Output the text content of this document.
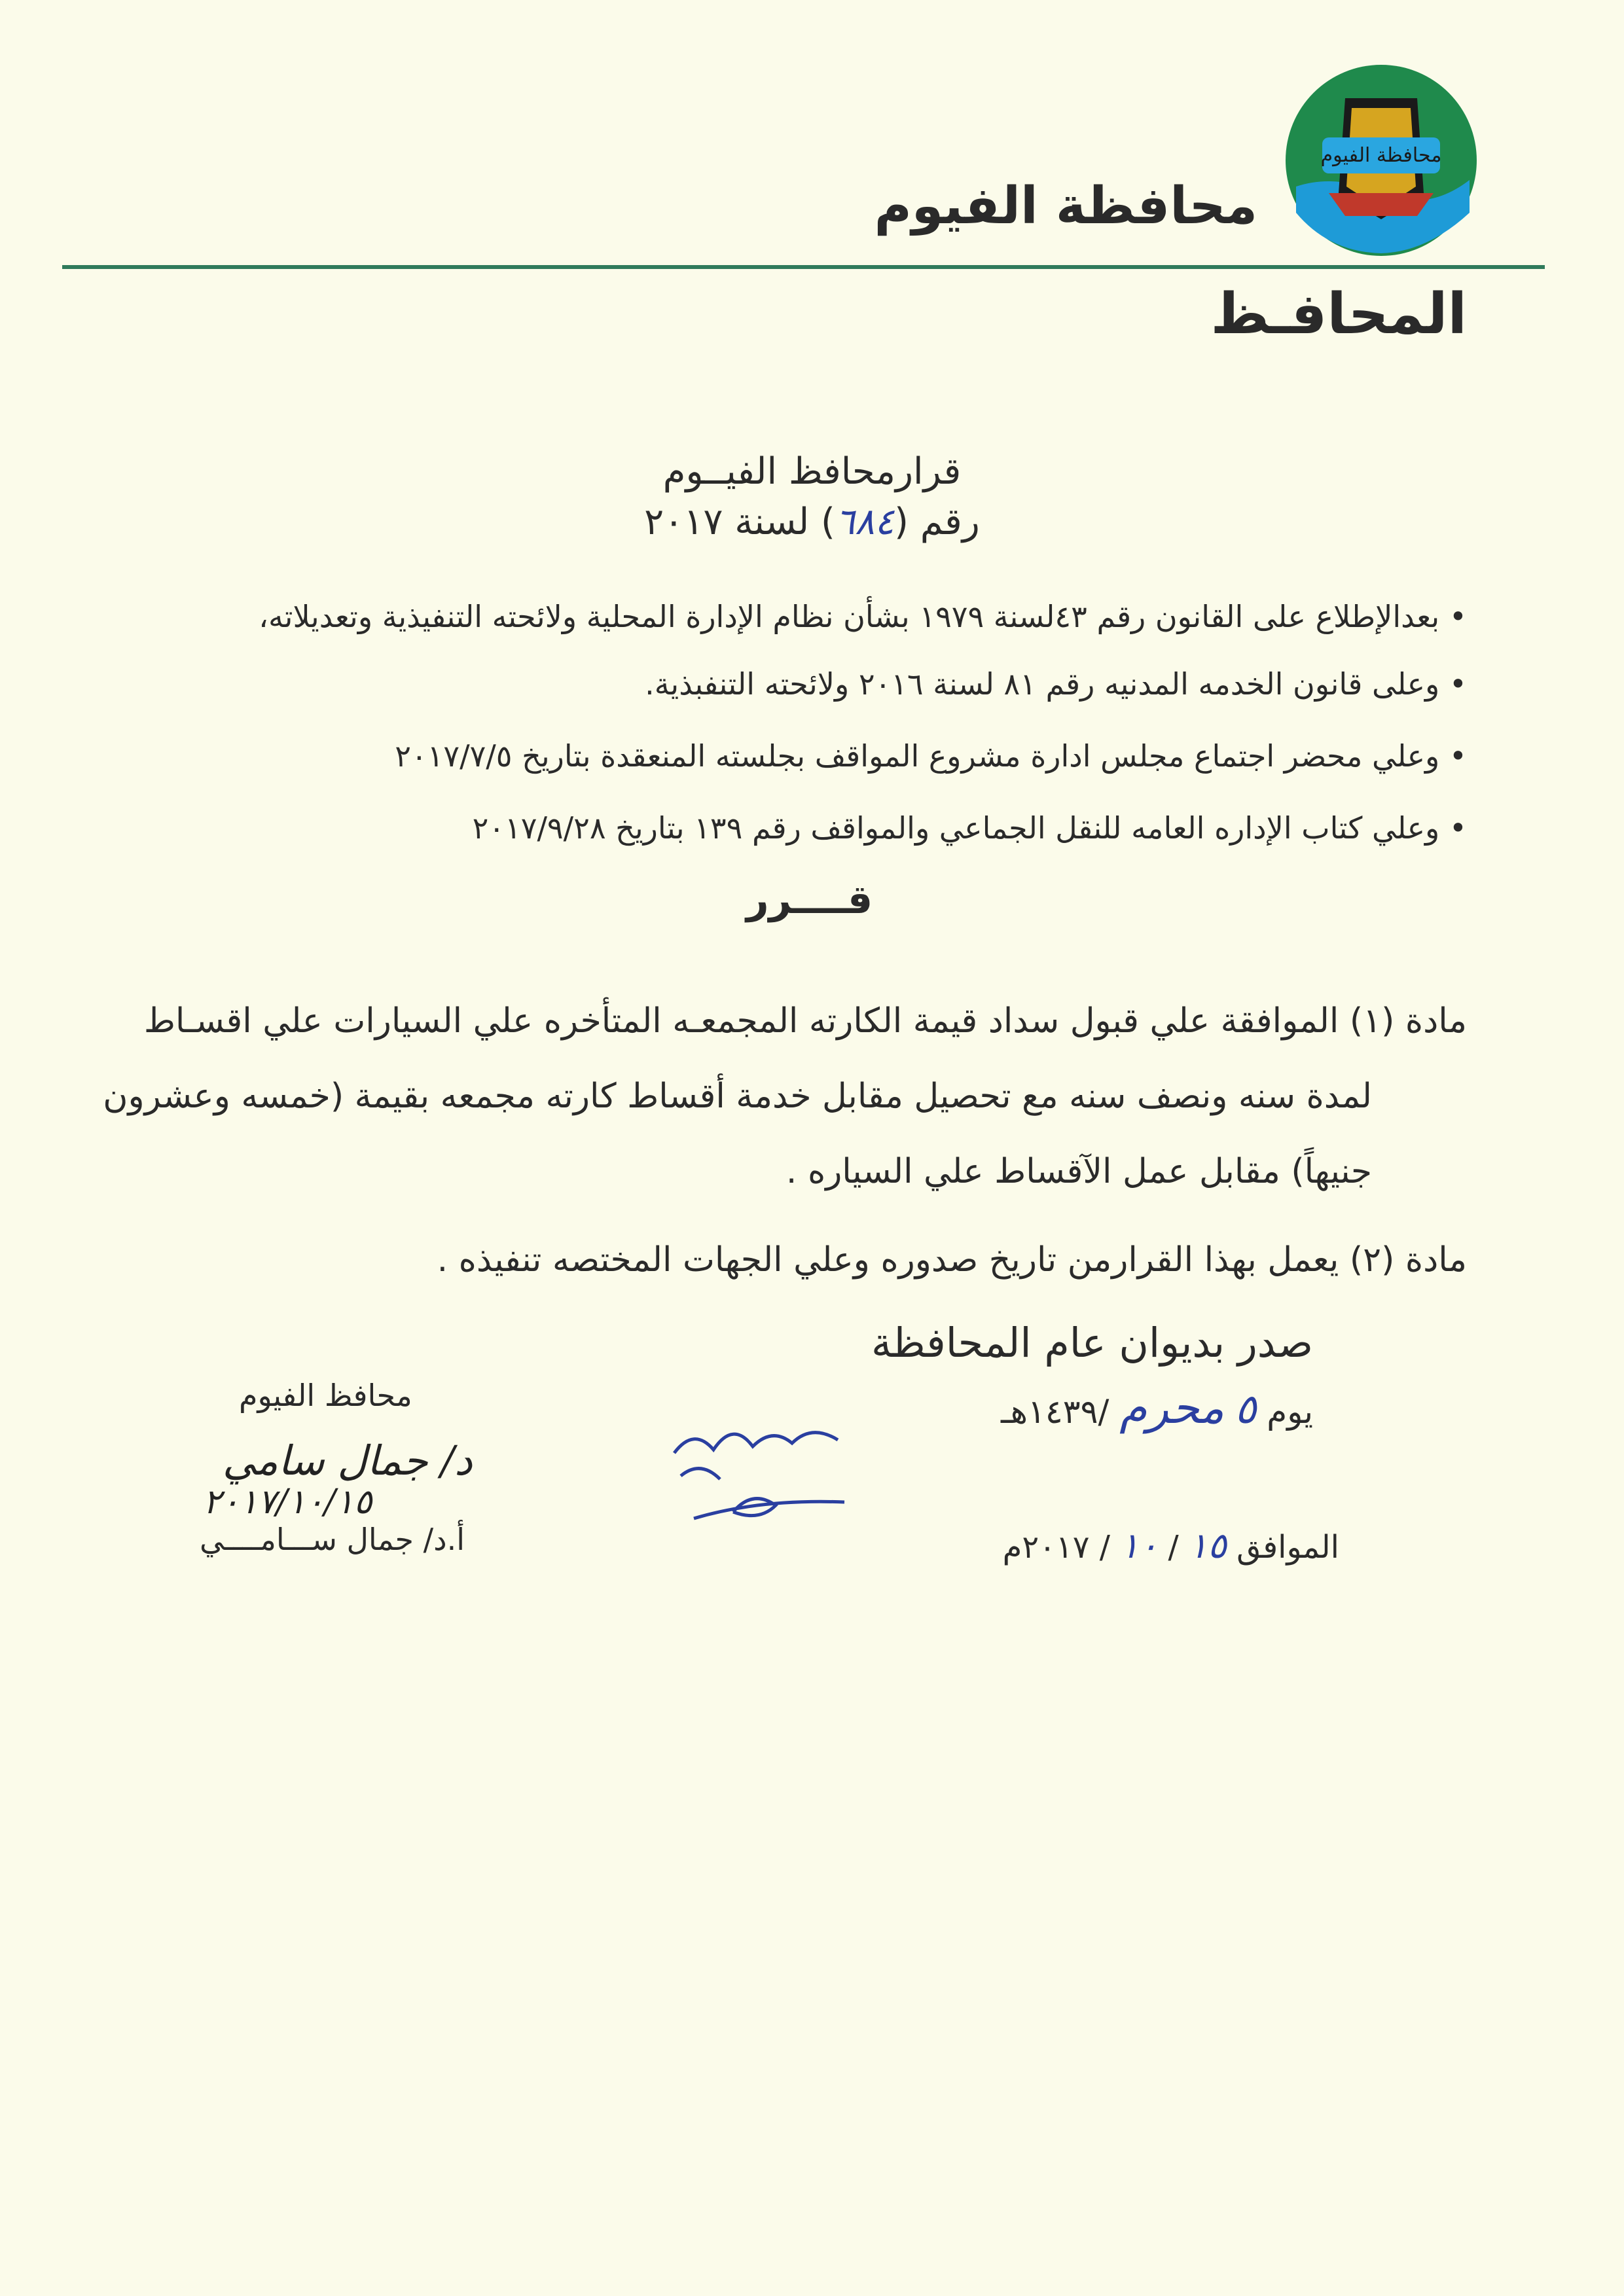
محافظة الفيوم
محافظة الفيوم
المحافـظ
قرارمحافظ الفيــوم
رقم (٦٨٤) لسنة ٢٠١٧
• بعدالإطلاع على القانون رقم ٤٣لسنة ١٩٧٩ بشأن نظام الإدارة المحلية ولائحته التنفيذية وتعديلاته،
• وعلى قانون الخدمه المدنيه رقم ٨١ لسنة ٢٠١٦ ولائحته التنفبذية.
• وعلي محضر اجتماع مجلس ادارة مشروع المواقف بجلسته المنعقدة بتاريخ ٢٠١٧/٧/٥
• وعلي كتاب الإداره العامه للنقل الجماعي والمواقف رقم ١٣٩ بتاريخ ٢٠١٧/٩/٢٨
قــــرر
مادة (١) الموافقة علي قبول سداد قيمة الكارته المجمعـه المتأخره علي السيارات علي اقسـاط
لمدة سنه ونصف سنه مع تحصيل مقابل خدمة أقساط كارته مجمعه بقيمة (خمسه وعشرون
جنيهاً) مقابل عمل الآقساط علي السياره .
مادة (٢) يعمل بهذا القرارمن تاريخ صدوره وعلي الجهات المختصه تنفيذه .
صدر بديوان عام المحافظة
يوم ٥ محرم /١٤٣٩هـ
الموافق ١٥ / ١٠ / ٢٠١٧م
محافظ الفيوم
د/ جمال سامي
٢٠١٧/١٠/١٥
أ.د/ جمال ســـامــــي
